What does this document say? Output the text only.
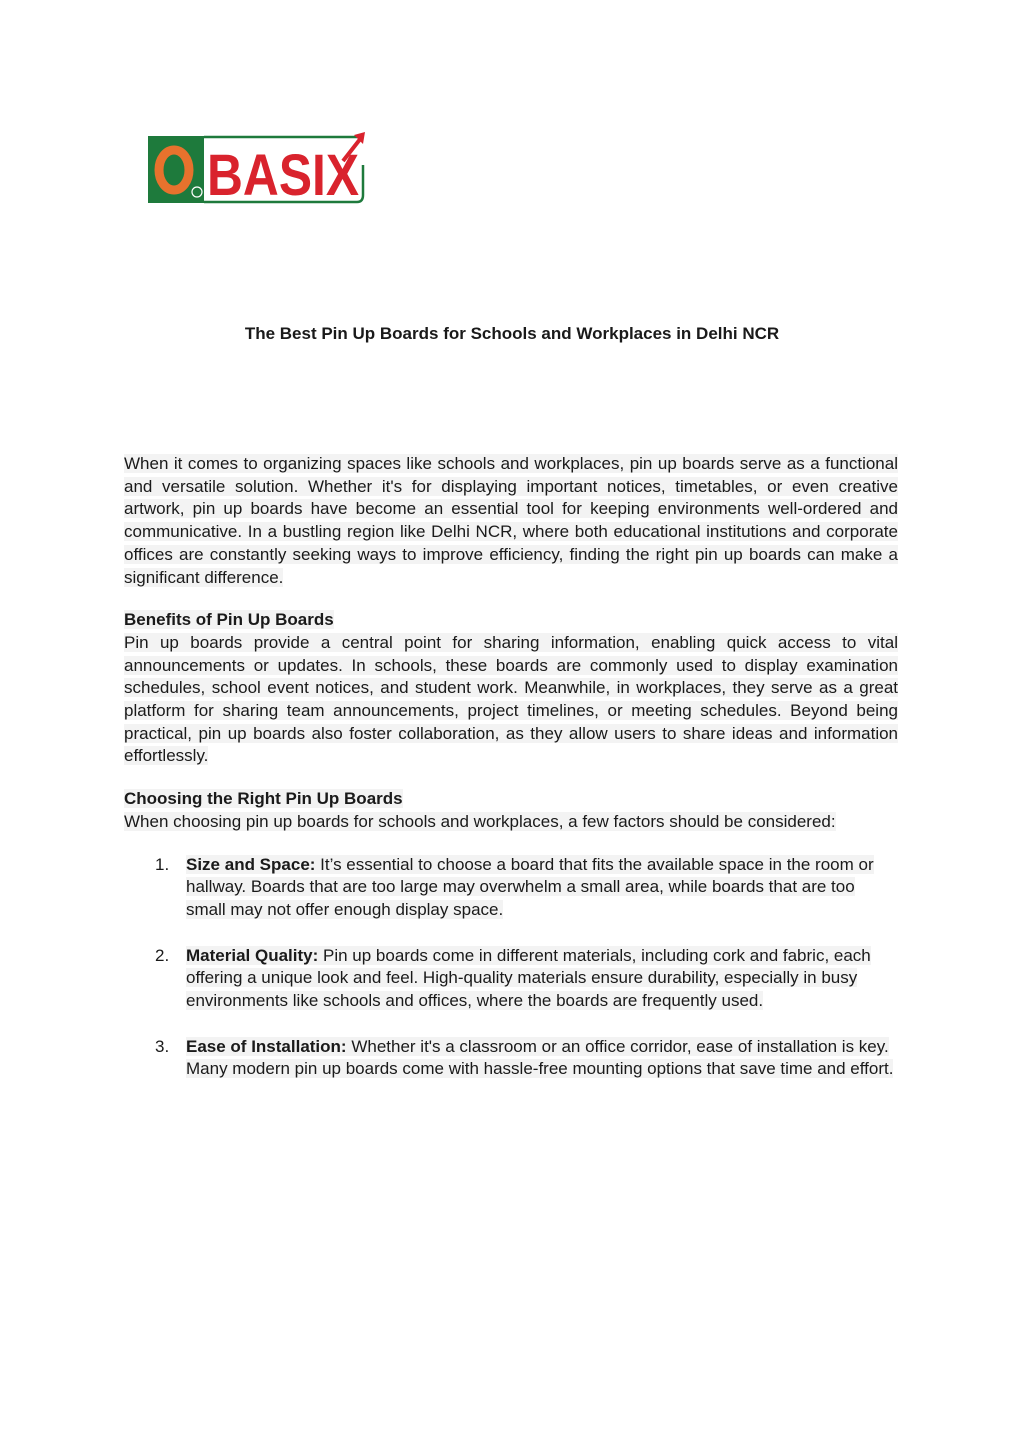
BASIX
The Best Pin Up Boards for Schools and Workplaces in Delhi NCR

When it comes to organizing spaces like schools and workplaces, pin up boards serve as a functional and versatile solution. Whether it's for displaying important notices, timetables, or even creative artwork, pin up boards have become an essential tool for keeping environments well-ordered and communicative. In a bustling region like Delhi NCR, where both educational institutions and corporate offices are constantly seeking ways to improve efficiency, finding the right pin up boards can make a significant difference.

Benefits of Pin Up Boards

Pin up boards provide a central point for sharing information, enabling quick access to vital announcements or updates. In schools, these boards are commonly used to display examination schedules, school event notices, and student work. Meanwhile, in workplaces, they serve as a great platform for sharing team announcements, project timelines, or meeting schedules. Beyond being practical, pin up boards also foster collaboration, as they allow users to share ideas and information effortlessly.

Choosing the Right Pin Up Boards

When choosing pin up boards for schools and workplaces, a few factors should be considered:

1. Size and Space: It’s essential to choose a board that fits the available space in the room or hallway. Boards that are too large may overwhelm a small area, while boards that are too small may not offer enough display space.
2. Material Quality: Pin up boards come in different materials, including cork and fabric, each offering a unique look and feel. High-quality materials ensure durability, especially in busy environments like schools and offices, where the boards are frequently used.
3. Ease of Installation: Whether it's a classroom or an office corridor, ease of installation is key. Many modern pin up boards come with hassle-free mounting options that save time and effort.
